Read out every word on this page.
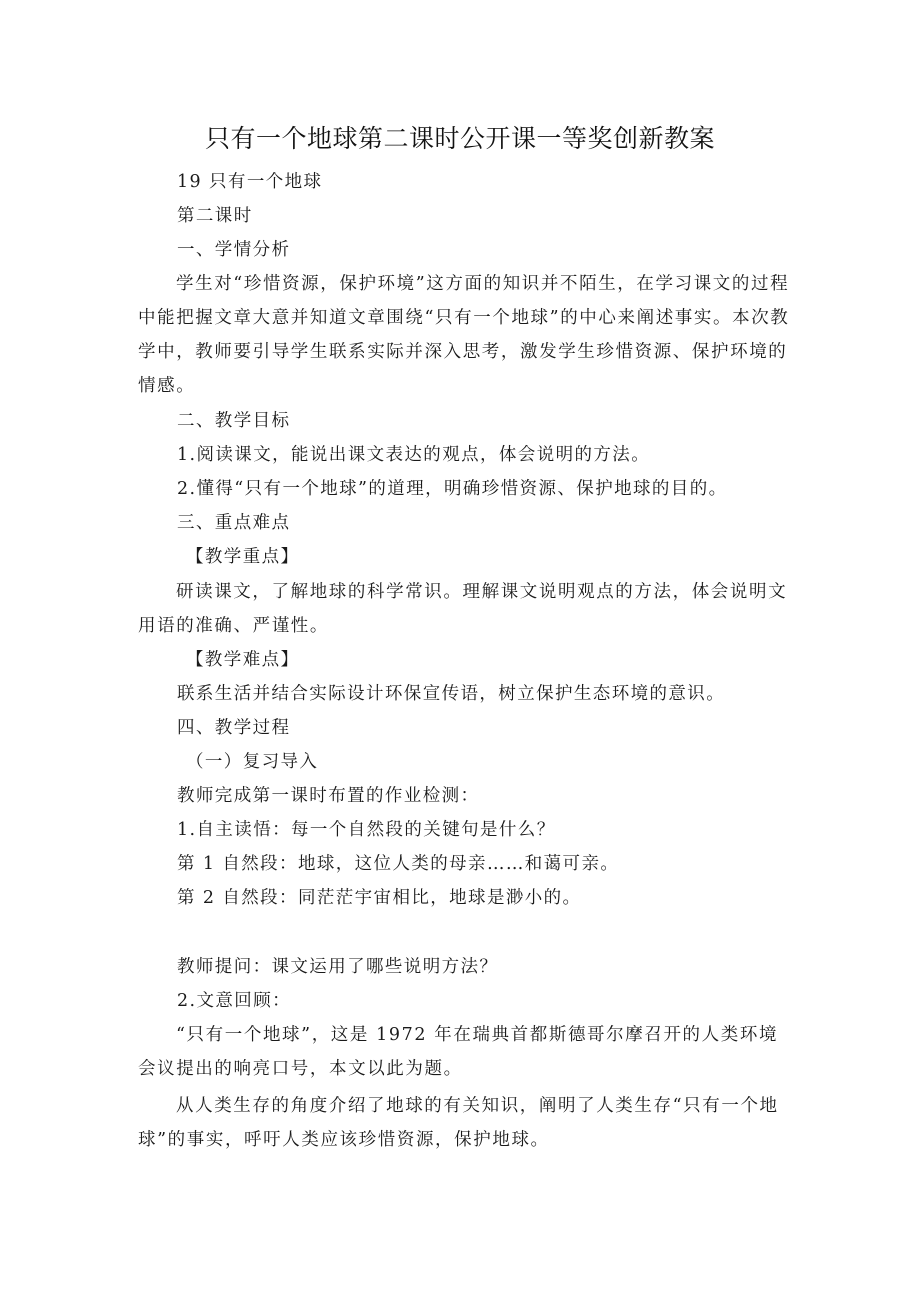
只有一个地球第二课时公开课一等奖创新教案
19 只有一个地球
第二课时
一、学情分析
学生对“珍惜资源，保护环境”这方面的知识并不陌生，在学习课文的过程中能把握文章大意并知道文章围绕“只有一个地球”的中心来阐述事实。本次教学中，教师要引导学生联系实际并深入思考，激发学生珍惜资源、保护环境的情感。
二、教学目标
1.阅读课文，能说出课文表达的观点，体会说明的方法。
2.懂得“只有一个地球”的道理，明确珍惜资源、保护地球的目的。
三、重点难点
【教学重点】
研读课文，了解地球的科学常识。理解课文说明观点的方法，体会说明文用语的准确、严谨性。
【教学难点】
联系生活并结合实际设计环保宣传语，树立保护生态环境的意识。
四、教学过程
（一）复习导入
教师完成第一课时布置的作业检测：
1.自主读悟：每一个自然段的关键句是什么？
第 1 自然段：地球，这位人类的母亲……和蔼可亲。
第 2 自然段：同茫茫宇宙相比，地球是渺小的。
教师提问：课文运用了哪些说明方法？
2.文意回顾：
“只有一个地球”，这是 1972 年在瑞典首都斯德哥尔摩召开的人类环境会议提出的响亮口号，本文以此为题。
从人类生存的角度介绍了地球的有关知识，阐明了人类生存“只有一个地球”的事实，呼吁人类应该珍惜资源，保护地球。
